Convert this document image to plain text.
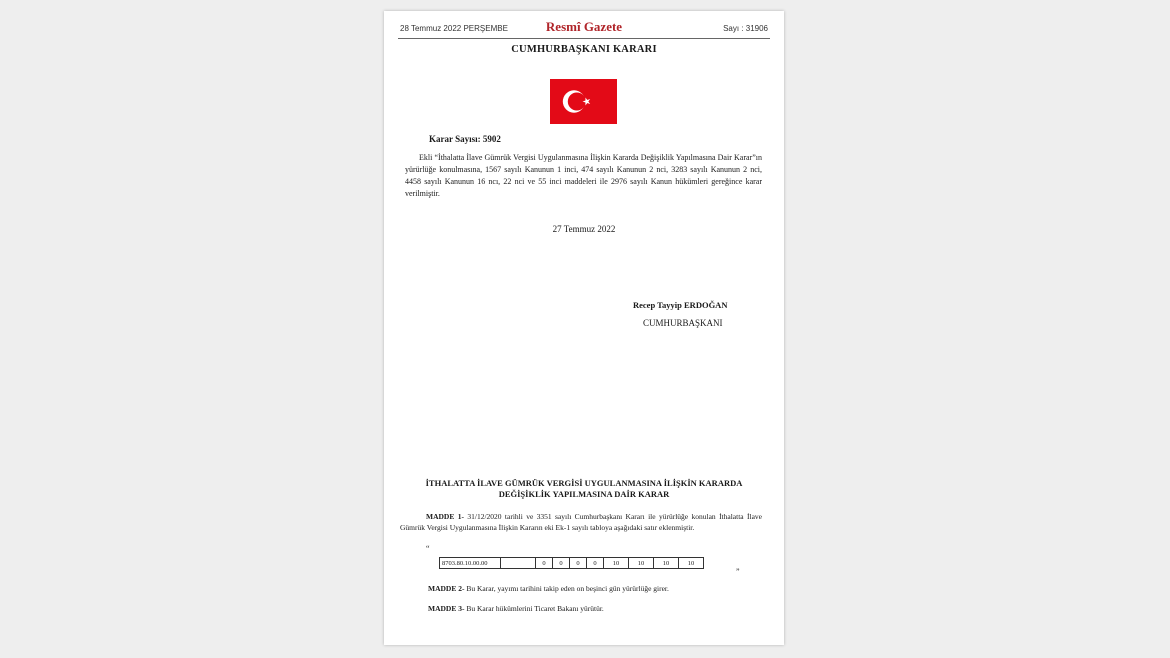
28 Temmuz 2022 PERŞEMBE	Resmî Gazete	Sayı : 31906
CUMHURBAŞKANI KARARI
Karar Sayısı: 5902
Ekli “İthalatta İlave Gümrük Vergisi Uygulanmasına İlişkin Kararda Değişiklik Yapılmasına Dair Karar”ın yürürlüğe konulmasına, 1567 sayılı Kanunun 1 inci, 474 sayılı Kanunun 2 nci, 3283 sayılı Kanunun 2 nci, 4458 sayılı Kanunun 16 ncı, 22 nci ve 55 inci maddeleri ile 2976 sayılı Kanun hükümleri gereğince karar verilmiştir.
27 Temmuz 2022
Recep Tayyip ERDOĞAN
CUMHURBAŞKANI
İTHALATTA İLAVE GÜMRÜK VERGİSİ UYGULANMASINA İLİŞKİN KARARDA DEĞİŞİKLİK YAPILMASINA DAİR KARAR
MADDE 1- 31/12/2020 tarihli ve 3351 sayılı Cumhurbaşkanı Kararı ile yürürlüğe konulan İthalatta İlave Gümrük Vergisi Uygulanmasına İlişkin Kararın eki Ek-1 sayılı tabloya aşağıdaki satır eklenmiştir.
“
8703.80.10.00.00		0	0	0	0	10	10	10	10
”
MADDE 2- Bu Karar, yayımı tarihini takip eden on beşinci gün yürürlüğe girer.
MADDE 3- Bu Karar hükümlerini Ticaret Bakanı yürütür.
